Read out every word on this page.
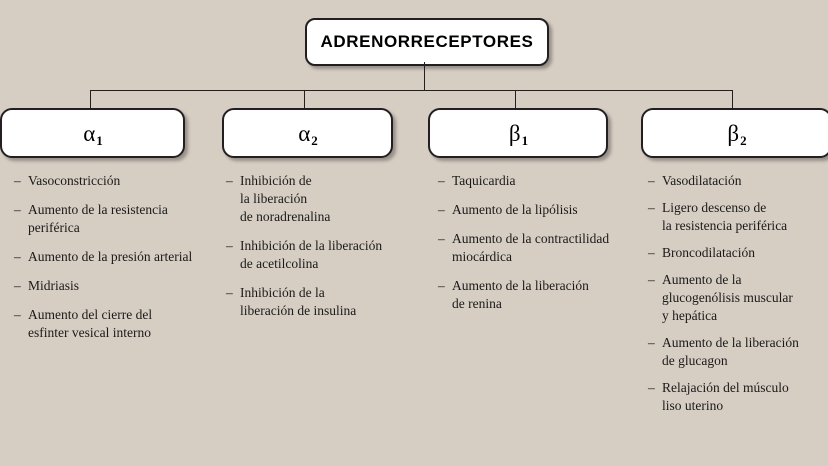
ADRENORRECEPTORES
$\alpha_1$	$\alpha_2$	$\beta_1$	$\beta_2$
– Vasoconstricción
– Aumento de la resistencia
periférica
– Aumento de la presión arterial
– Midriasis
– Aumento del cierre del
esfinter vesical interno
– Inhibición de
la liberación
de noradrenalina
– Inhibición de la liberación
de acetilcolina
– Inhibición de la
liberación de insulina
– Taquicardia
– Aumento de la lipólisis
– Aumento de la contractilidad
miocárdica
– Aumento de la liberación
de renina
– Vasodilatación
– Ligero descenso de
la resistencia periférica
– Broncodilatación
– Aumento de la
glucogenólisis muscular
y hepática
– Aumento de la liberación
de glucagon
– Relajación del músculo
liso uterino
